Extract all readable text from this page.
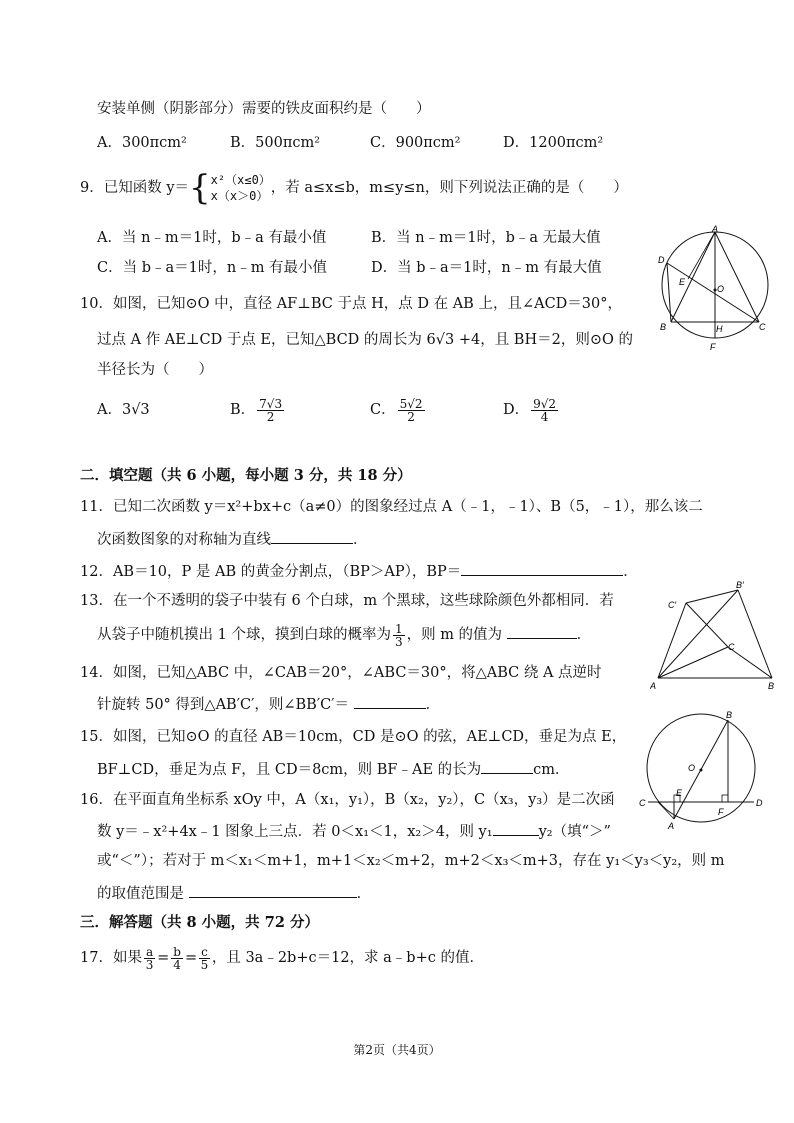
安装单侧（阴影部分）需要的铁皮面积约是（　　）
A．300πcm²	B．500πcm²	C．900πcm²	D．1200πcm²
9．已知函数 y＝{x²（x≤0）
x（x＞0） ，若 a≤x≤b，m≤y≤n，则下列说法正确的是（　　）
A．当 n﹣m＝1时，b﹣a 有最小值	B．当 n﹣m＝1时，b﹣a 无最大值
C．当 b﹣a＝1时，n﹣m 有最小值	D．当 b﹣a＝1时，n﹣m 有最大值
A
D
E
O
B	H	C
F
10．如图，已知⊙O 中，直径 AF⊥BC 于点 H，点 D 在 AB 上，且∠ACD＝30°，
过点 A 作 AE⊥CD 于点 E，已知△BCD 的周长为 6√3 +4，且 BH＝2，则⊙O 的
半径长为（　　）
A．3√3	B． $\frac{7√3}{2}$	C． $\frac{5√2}{2}$	D． $\frac{9√2}{4}$
二．填空题（共 6 小题，每小题 3 分，共 18 分）
11．已知二次函数 y＝x²+bx+c（a≠0）的图象经过点 A（﹣1，﹣1）、B（5，﹣1），那么该二
次函数图象的对称轴为直线	．
12．AB＝10，P 是 AB 的黄金分割点，（BP＞AP），BP＝	．
B′
C′
C
A	B
13．在一个不透明的袋子中装有 6 个白球，m 个黑球，这些球除颜色外都相同．若
从袋子中随机摸出 1 个球，摸到白球的概率为 $\frac{1}{3}$ ，则 m 的值为	．
14．如图，已知△ABC 中，∠CAB＝20°，∠ABC＝30°，将△ABC 绕 A 点逆时
针旋转 50° 得到△AB′C′，则∠BB′C′＝	．
B
O
C
E
F
D
A
15．如图，已知⊙O 的直径 AB＝10cm，CD 是⊙O 的弦，AE⊥CD，垂足为点 E，
BF⊥CD，垂足为点 F，且 CD＝8cm，则 BF﹣AE 的长为	cm．
16．在平面直角坐标系 xOy 中，A（x₁，y₁），B（x₂，y₂），C（x₃，y₃）是二次函
数 y＝﹣x²+4x﹣1 图象上三点．若 0＜x₁＜1，x₂＞4，则 y₁	y₂（填“＞”
或“＜”）；若对于 m＜x₁＜m+1，m+1＜x₂＜m+2，m+2＜x₃＜m+3，存在 y₁＜y₃＜y₂，则 m
的取值范围是	．
三．解答题（共 8 小题，共 72 分）
17．如果 $\frac{a}{3} = \frac{b}{4} = \frac{c}{5}$ ，且 3a﹣2b+c＝12，求 a﹣b+c 的值．
第2页（共4页）
